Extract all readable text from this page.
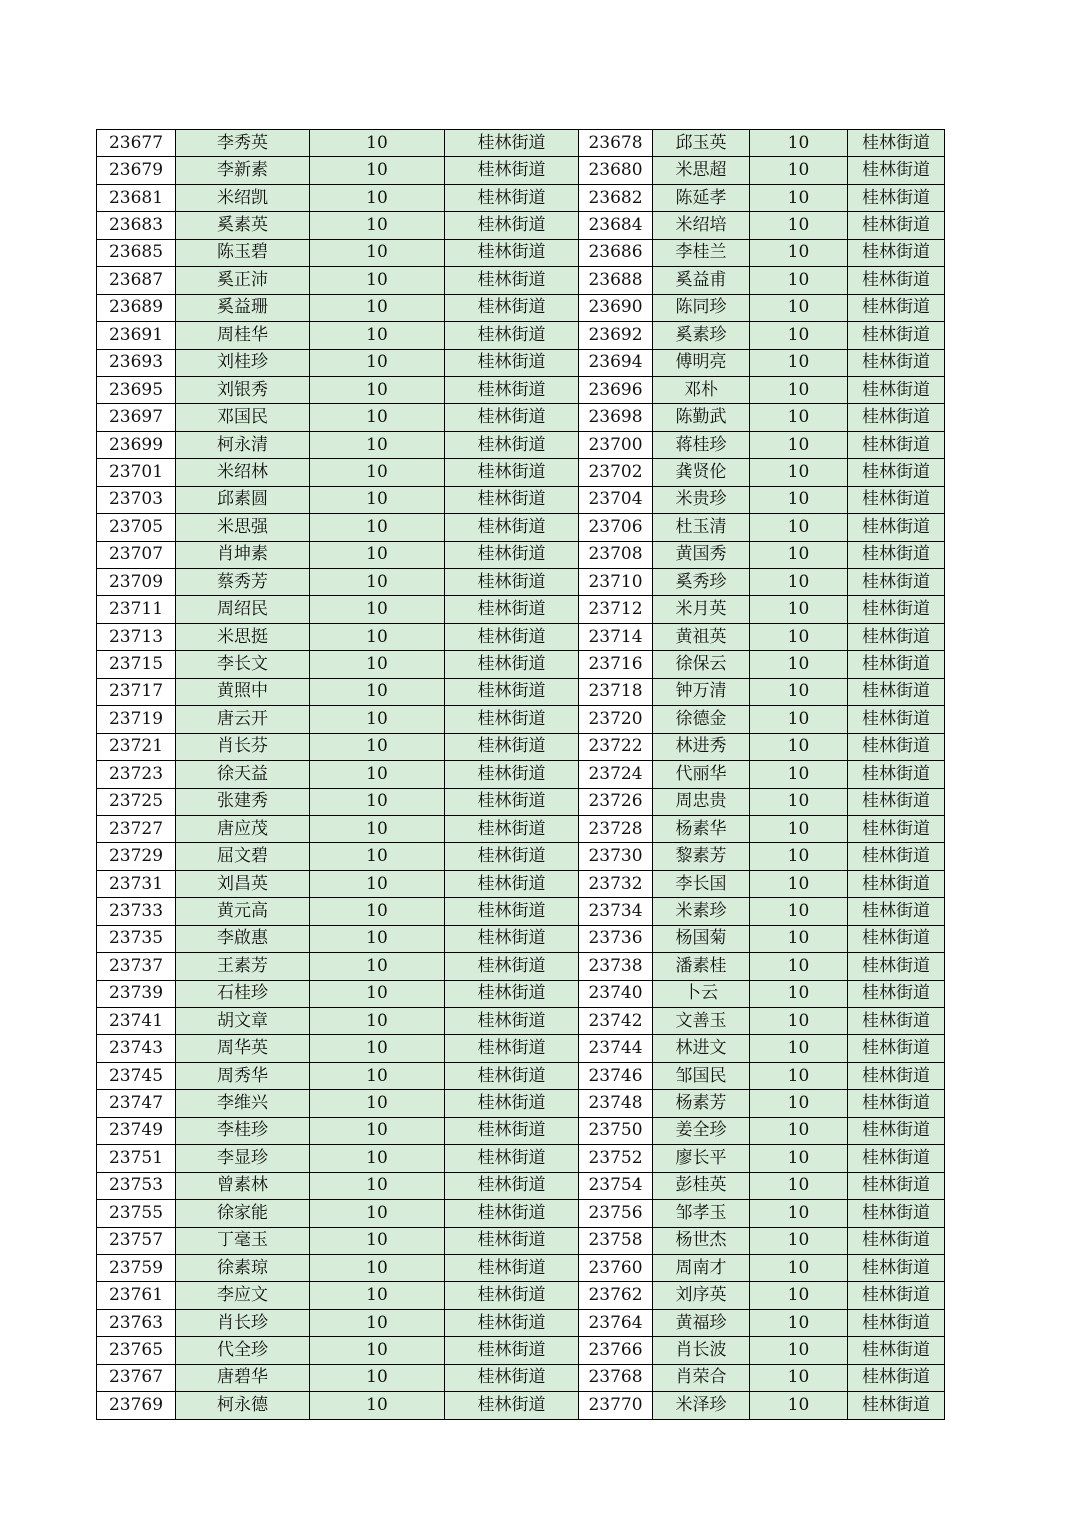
23677	李秀英	10	桂林街道	23678	邱玉英	10	桂林街道
23679	李新素	10	桂林街道	23680	米思超	10	桂林街道
23681	米绍凯	10	桂林街道	23682	陈延孝	10	桂林街道
23683	奚素英	10	桂林街道	23684	米绍培	10	桂林街道
23685	陈玉碧	10	桂林街道	23686	李桂兰	10	桂林街道
23687	奚正沛	10	桂林街道	23688	奚益甫	10	桂林街道
23689	奚益珊	10	桂林街道	23690	陈同珍	10	桂林街道
23691	周桂华	10	桂林街道	23692	奚素珍	10	桂林街道
23693	刘桂珍	10	桂林街道	23694	傅明亮	10	桂林街道
23695	刘银秀	10	桂林街道	23696	邓朴	10	桂林街道
23697	邓国民	10	桂林街道	23698	陈勤武	10	桂林街道
23699	柯永清	10	桂林街道	23700	蒋桂珍	10	桂林街道
23701	米绍林	10	桂林街道	23702	龚贤伦	10	桂林街道
23703	邱素圆	10	桂林街道	23704	米贵珍	10	桂林街道
23705	米思强	10	桂林街道	23706	杜玉清	10	桂林街道
23707	肖坤素	10	桂林街道	23708	黄国秀	10	桂林街道
23709	蔡秀芳	10	桂林街道	23710	奚秀珍	10	桂林街道
23711	周绍民	10	桂林街道	23712	米月英	10	桂林街道
23713	米思挺	10	桂林街道	23714	黄祖英	10	桂林街道
23715	李长文	10	桂林街道	23716	徐保云	10	桂林街道
23717	黄照中	10	桂林街道	23718	钟万清	10	桂林街道
23719	唐云开	10	桂林街道	23720	徐德金	10	桂林街道
23721	肖长芬	10	桂林街道	23722	林进秀	10	桂林街道
23723	徐天益	10	桂林街道	23724	代丽华	10	桂林街道
23725	张建秀	10	桂林街道	23726	周忠贵	10	桂林街道
23727	唐应茂	10	桂林街道	23728	杨素华	10	桂林街道
23729	屈文碧	10	桂林街道	23730	黎素芳	10	桂林街道
23731	刘昌英	10	桂林街道	23732	李长国	10	桂林街道
23733	黄元高	10	桂林街道	23734	米素珍	10	桂林街道
23735	李啟惠	10	桂林街道	23736	杨国菊	10	桂林街道
23737	王素芳	10	桂林街道	23738	潘素桂	10	桂林街道
23739	石桂珍	10	桂林街道	23740	卜云	10	桂林街道
23741	胡文章	10	桂林街道	23742	文善玉	10	桂林街道
23743	周华英	10	桂林街道	23744	林进文	10	桂林街道
23745	周秀华	10	桂林街道	23746	邹国民	10	桂林街道
23747	李维兴	10	桂林街道	23748	杨素芳	10	桂林街道
23749	李桂珍	10	桂林街道	23750	姜全珍	10	桂林街道
23751	李显珍	10	桂林街道	23752	廖长平	10	桂林街道
23753	曾素林	10	桂林街道	23754	彭桂英	10	桂林街道
23755	徐家能	10	桂林街道	23756	邹孝玉	10	桂林街道
23757	丁毫玉	10	桂林街道	23758	杨世杰	10	桂林街道
23759	徐素琼	10	桂林街道	23760	周南才	10	桂林街道
23761	李应文	10	桂林街道	23762	刘序英	10	桂林街道
23763	肖长珍	10	桂林街道	23764	黄福珍	10	桂林街道
23765	代全珍	10	桂林街道	23766	肖长波	10	桂林街道
23767	唐碧华	10	桂林街道	23768	肖荣合	10	桂林街道
23769	柯永德	10	桂林街道	23770	米泽珍	10	桂林街道
